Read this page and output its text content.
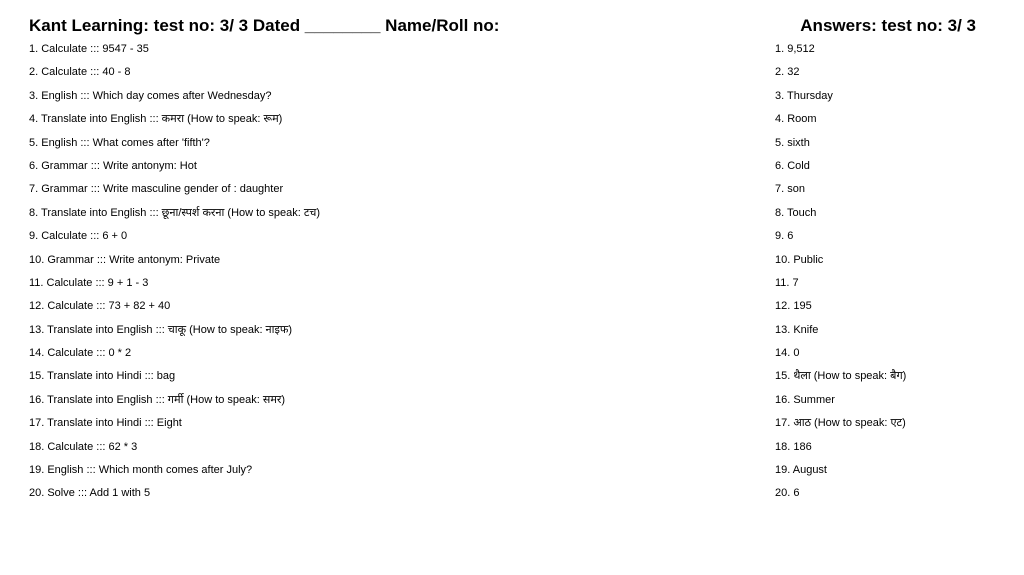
Kant Learning: test no: 3/ 3 Dated ________ Name/Roll no:	Answers: test no: 3/ 3
1. Calculate ::: 9547 - 35
2. Calculate ::: 40 - 8
3. English ::: Which day comes after Wednesday?
4. Translate into English ::: कमरा (How to speak: रूम)
5. English ::: What comes after 'fifth'?
6. Grammar ::: Write antonym: Hot
7. Grammar ::: Write masculine gender of : daughter
8. Translate into English ::: छूना/स्पर्श करना (How to speak: टच)
9. Calculate ::: 6 + 0
10. Grammar ::: Write antonym: Private
11. Calculate ::: 9 + 1 - 3
12. Calculate ::: 73 + 82 + 40
13. Translate into English ::: चाकू (How to speak: नाइफ)
14. Calculate ::: 0 * 2
15. Translate into Hindi ::: bag
16. Translate into English ::: गर्मी (How to speak: समर)
17. Translate into Hindi ::: Eight
18. Calculate ::: 62 * 3
19. English ::: Which month comes after July?
20. Solve ::: Add 1 with 5
1. 9,512
2. 32
3. Thursday
4. Room
5. sixth
6. Cold
7. son
8. Touch
9. 6
10. Public
11. 7
12. 195
13. Knife
14. 0
15. थैला (How to speak: बैग)
16. Summer
17. आठ (How to speak: एट)
18. 186
19. August
20. 6
